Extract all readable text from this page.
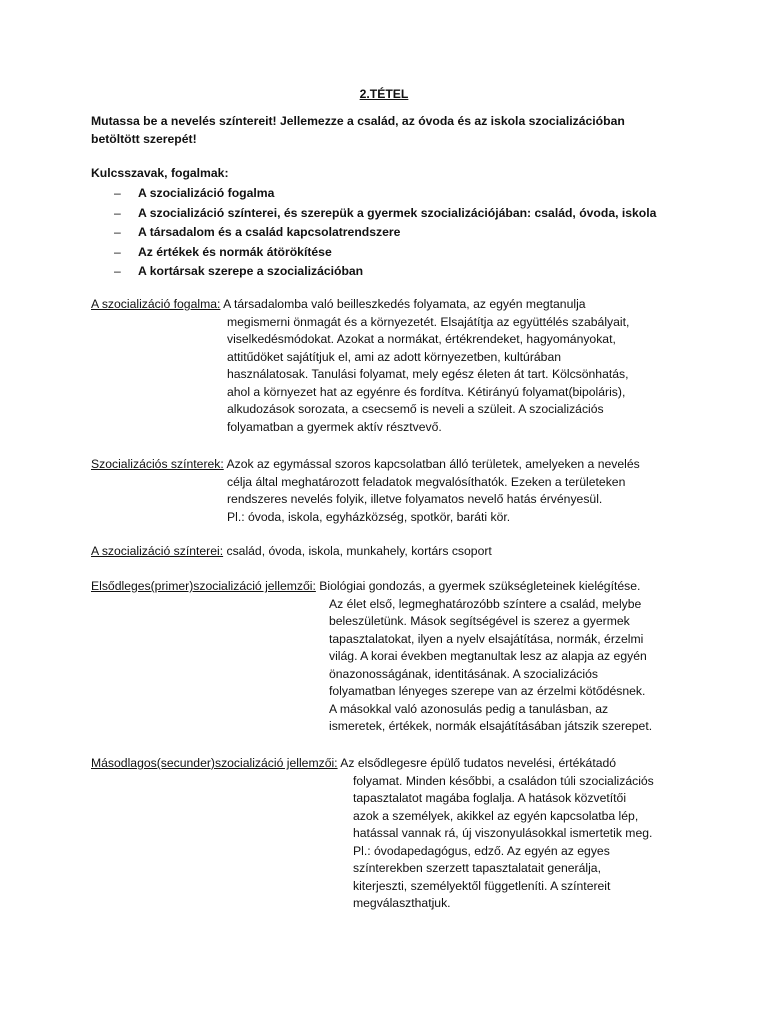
2.TÉTEL
Mutassa be a nevelés színtereit! Jellemezze a család, az óvoda és az iskola szocializációban betöltött szerepét!
Kulcsszavak, fogalmak:
– A szocializáció fogalma
– A szocializáció színterei, és szerepük a gyermek szocializációjában: család, óvoda, iskola
– A társadalom és a család kapcsolatrendszere
– Az értékek és normák átörökítése
– A kortársak szerepe a szocializációban
A szocializáció fogalma: A társadalomba való beilleszkedés folyamata, az egyén megtanulja
megismerni önmagát és a környezetét. Elsajátítja az együttélés szabályait,
viselkedésmódokat. Azokat a normákat, értékrendeket, hagyományokat,
attitűdöket sajátítjuk el, ami az adott környezetben, kultúrában
használatosak. Tanulási folyamat, mely egész életen át tart. Kölcsönhatás,
ahol a környezet hat az egyénre és fordítva. Kétirányú folyamat(bipoláris),
alkudozások sorozata, a csecsemő is neveli a szüleit. A szocializációs
folyamatban a gyermek aktív résztvevő.
Szocializációs színterek: Azok az egymással szoros kapcsolatban álló területek, amelyeken a nevelés
célja által meghatározott feladatok megvalósíthatók. Ezeken a területeken
rendszeres nevelés folyik, illetve folyamatos nevelő hatás érvényesül.
Pl.: óvoda, iskola, egyházközség, spotkör, baráti kör.
A szocializáció színterei: család, óvoda, iskola, munkahely, kortárs csoport
Elsődleges(primer)szocializáció jellemzői: Biológiai gondozás, a gyermek szükségleteinek kielégítése.
Az élet első, legmeghatározóbb színtere a család, melybe
beleszületünk. Mások segítségével is szerez a gyermek
tapasztalatokat, ilyen a nyelv elsajátítása, normák, érzelmi
világ. A korai években megtanultak lesz az alapja az egyén
önazonosságának, identitásának. A szocializációs
folyamatban lényeges szerepe van az érzelmi kötődésnek.
A másokkal való azonosulás pedig a tanulásban, az
ismeretek, értékek, normák elsajátításában játszik szerepet.
Másodlagos(secunder)szocializáció jellemzői: Az elsődlegesre épülő tudatos nevelési, értékátadó
folyamat. Minden későbbi, a családon túli szocializációs
tapasztalatot magába foglalja. A hatások közvetítői
azok a személyek, akikkel az egyén kapcsolatba lép,
hatással vannak rá, új viszonyulásokkal ismertetik meg.
Pl.: óvodapedagógus, edző. Az egyén az egyes
színterekben szerzett tapasztalatait generálja,
kiterjeszti, személyektől függetleníti. A színtereit
megválaszthatjuk.
